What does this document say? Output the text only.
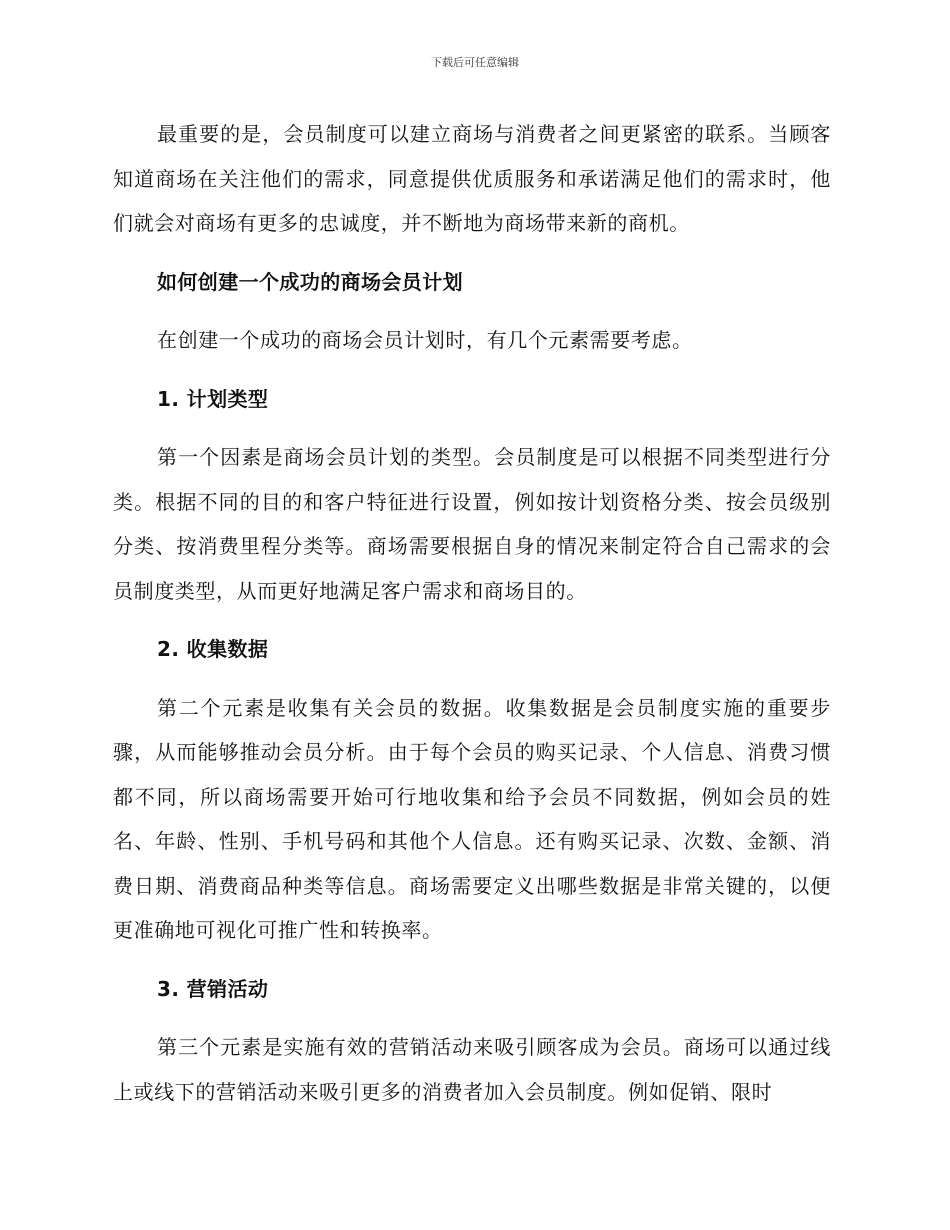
下载后可任意编辑

最重要的是，会员制度可以建立商场与消费者之间更紧密的联系。当顾客知道商场在关注他们的需求，同意提供优质服务和承诺满足他们的需求时，他们就会对商场有更多的忠诚度，并不断地为商场带来新的商机。

如何创建一个成功的商场会员计划

在创建一个成功的商场会员计划时，有几个元素需要考虑。

1. 计划类型

第一个因素是商场会员计划的类型。会员制度是可以根据不同类型进行分类。根据不同的目的和客户特征进行设置，例如按计划资格分类、按会员级别分类、按消费里程分类等。商场需要根据自身的情况来制定符合自己需求的会员制度类型，从而更好地满足客户需求和商场目的。

2. 收集数据

第二个元素是收集有关会员的数据。收集数据是会员制度实施的重要步骤，从而能够推动会员分析。由于每个会员的购买记录、个人信息、消费习惯都不同，所以商场需要开始可行地收集和给予会员不同数据，例如会员的姓名、年龄、性别、手机号码和其他个人信息。还有购买记录、次数、金额、消费日期、消费商品种类等信息。商场需要定义出哪些数据是非常关键的，以便更准确地可视化可推广性和转换率。

3. 营销活动

第三个元素是实施有效的营销活动来吸引顾客成为会员。商场可以通过线上或线下的营销活动来吸引更多的消费者加入会员制度。例如促销、限时
